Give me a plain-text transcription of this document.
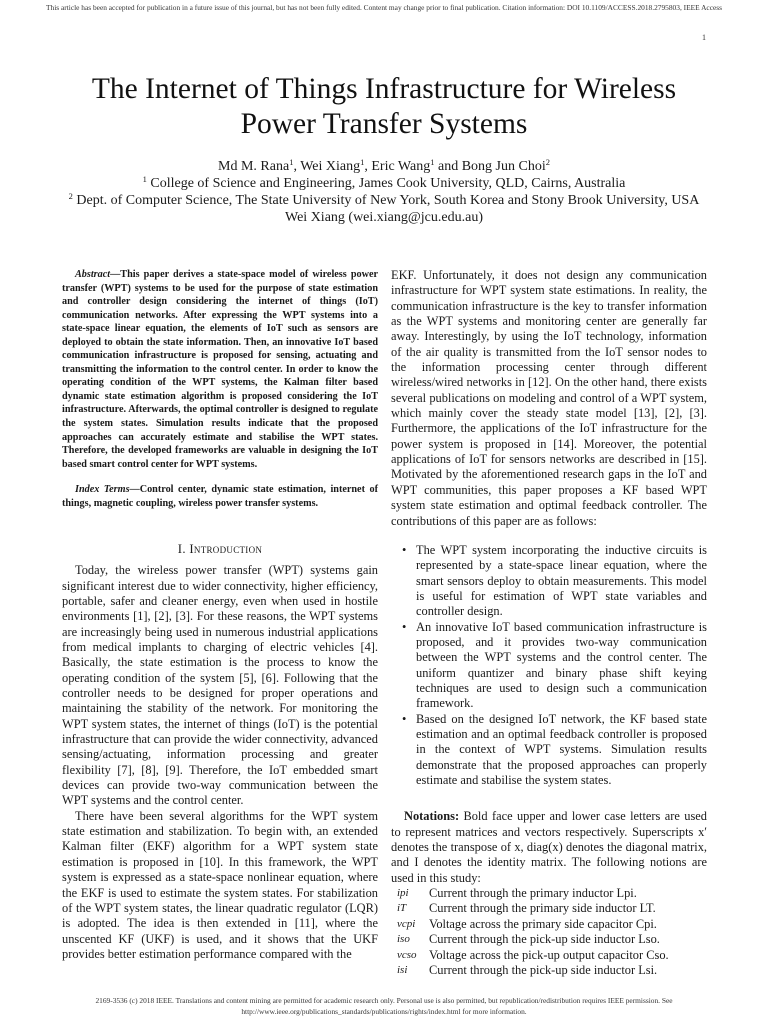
This article has been accepted for publication in a future issue of this journal, but has not been fully edited. Content may change prior to final publication. Citation information: DOI 10.1109/ACCESS.2018.2795803, IEEE Access
1
The Internet of Things Infrastructure for Wireless
Power Transfer Systems
Md M. Rana$^1$, Wei Xiang$^1$, Eric Wang$^1$ and Bong Jun Choi$^2$
$^1$ College of Science and Engineering, James Cook University, QLD, Cairns, Australia
$^2$ Dept. of Computer Science, The State University of New York, South Korea and Stony Brook University, USA
Wei Xiang (wei.xiang@jcu.edu.au)

Abstract—This paper derives a state-space model of wireless power transfer (WPT) systems to be used for the purpose of state estimation and controller design considering the internet of things (IoT) communication networks. After expressing the WPT systems into a state-space linear equation, the elements of IoT such as sensors are deployed to obtain the state information. Then, an innovative IoT based communication infrastructure is proposed for sensing, actuating and transmitting the information to the control center. In order to know the operating condition of the WPT systems, the Kalman filter based dynamic state estimation algorithm is proposed considering the IoT infrastructure. Afterwards, the optimal controller is designed to regulate the system states. Simulation results indicate that the proposed approaches can accurately estimate and stabilise the WPT states. Therefore, the developed frameworks are valuable in designing the IoT based smart control center for WPT systems.

Index Terms—Control center, dynamic state estimation, internet of things, magnetic coupling, wireless power transfer systems.

I. Introduction

Today, the wireless power transfer (WPT) systems gain significant interest due to wider connectivity, higher efficiency, portable, safer and cleaner energy, even when used in hostile environments [1], [2], [3]. For these reasons, the WPT systems are increasingly being used in numerous industrial applications from medical implants to charging of electric vehicles [4]. Basically, the state estimation is the process to know the operating condition of the system [5], [6]. Following that the controller needs to be designed for proper operations and maintaining the stability of the network. For monitoring the WPT system states, the internet of things (IoT) is the potential infrastructure that can provide the wider connectivity, advanced sensing/actuating, information processing and greater flexibility [7], [8], [9]. Therefore, the IoT embedded smart devices can provide two-way communication between the WPT systems and the control center.

There have been several algorithms for the WPT system state estimation and stabilization. To begin with, an extended Kalman filter (EKF) algorithm for a WPT system state estimation is proposed in [10]. In this framework, the WPT system is expressed as a state-space nonlinear equation, where the EKF is used to estimate the system states. For stabilization of the WPT system states, the linear quadratic regulator (LQR) is adopted. The idea is then extended in [11], where the unscented KF (UKF) is used, and it shows that the UKF provides better estimation performance compared with the

EKF. Unfortunately, it does not design any communication infrastructure for WPT system state estimations. In reality, the communication infrastructure is the key to transfer information as the WPT systems and monitoring center are generally far away. Interestingly, by using the IoT technology, information of the air quality is transmitted from the IoT sensor nodes to the information processing center through different wireless/wired networks in [12]. On the other hand, there exists several publications on modeling and control of a WPT system, which mainly cover the steady state model [13], [2], [3]. Furthermore, the applications of the IoT infrastructure for the power system is proposed in [14]. Moreover, the potential applications of IoT for sensors networks are described in [15]. Motivated by the aforementioned research gaps in the IoT and WPT communities, this paper proposes a KF based WPT system state estimation and optimal feedback controller. The contributions of this paper are as follows:

• The WPT system incorporating the inductive circuits is represented by a state-space linear equation, where the smart sensors deploy to obtain measurements. This model is useful for estimation of WPT state variables and controller design.
• An innovative IoT based communication infrastructure is proposed, and it provides two-way communication between the WPT systems and the control center. The uniform quantizer and binary phase shift keying techniques are used to design such a communication framework.
• Based on the designed IoT network, the KF based state estimation and an optimal feedback controller is proposed in the context of WPT systems. Simulation results demonstrate that the proposed approaches can properly estimate and stabilise the system states.

Notations: Bold face upper and lower case letters are used to represent matrices and vectors respectively. Superscripts x′ denotes the transpose of x, diag(x) denotes the diagonal matrix, and I denotes the identity matrix. The following notions are used in this study:

ipi	Current through the primary inductor Lpi.
iT	Current through the primary side inductor LT.
vcpi	Voltage across the primary side capacitor Cpi.
iso	Current through the pick-up side inductor Lso.
vcso	Voltage across the pick-up output capacitor Cso.
isi	Current through the pick-up side inductor Lsi.
2169-3536 (c) 2018 IEEE. Translations and content mining are permitted for academic research only. Personal use is also permitted, but republication/redistribution requires IEEE permission. See
http://www.ieee.org/publications_standards/publications/rights/index.html for more information.
